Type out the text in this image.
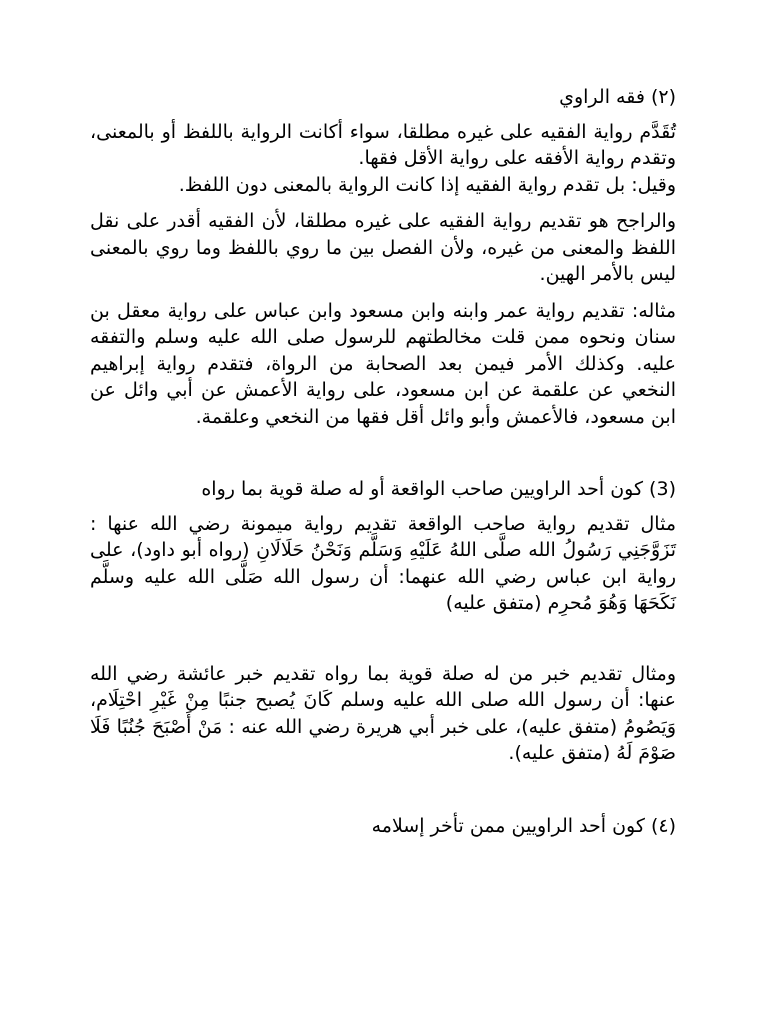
(٢) فقه الراوي

تُقَدَّم رواية الفقيه على غيره مطلقا، سواء أكانت الرواية باللفظ أو بالمعنى، وتقدم رواية الأفقه على رواية الأقل فقها.

وقيل: بل تقدم رواية الفقيه إذا كانت الرواية بالمعنى دون اللفظ.

والراجح هو تقديم رواية الفقيه على غيره مطلقا، لأن الفقيه أقدر على نقل اللفظ والمعنى من غيره، ولأن الفصل بين ما روي باللفظ وما روي بالمعنى ليس بالأمر الهين.

مثاله: تقديم رواية عمر وابنه وابن مسعود وابن عباس على رواية معقل بن سنان ونحوه ممن قلت مخالطتهم للرسول صلى الله عليه وسلم والتفقه عليه. وكذلك الأمر فيمن بعد الصحابة من الرواة، فتقدم رواية إبراهيم النخعي عن علقمة عن ابن مسعود، على رواية الأعمش عن أبي وائل عن ابن مسعود، فالأعمش وأبو وائل أقل فقها من النخعي وعلقمة.

(3) كون أحد الراويين صاحب الواقعة أو له صلة قوية بما رواه

مثال تقديم رواية صاحب الواقعة تقديم رواية ميمونة رضي الله عنها : تَزَوَّجَنِي رَسُولُ الله صلَّى اللهُ عَلَيْهِ وَسَلَّم وَنَحْنُ حَلَالَانِ (رواه أبو داود)، على رواية ابن عباس رضي الله عنهما: أن رسول الله صَلَّى الله عليه وسلَّم نَكَحَهَا وَهُوَ مُحرِم (متفق عليه)

ومثال تقديم خبر من له صلة قوية بما رواه تقديم خبر عائشة رضي الله عنها: أن رسول الله صلى الله عليه وسلم كَانَ يُصبح جنبًا مِنْ غَيْرِ احْتِلَام، وَيَصُومُ (متفق عليه)، على خبر أبي هريرة رضي الله عنه : مَنْ أَصْبَحَ جُنُبًا فَلَا صَوْمَ لَهُ (متفق عليه).

(٤) كون أحد الراويين ممن تأخر إسلامه
